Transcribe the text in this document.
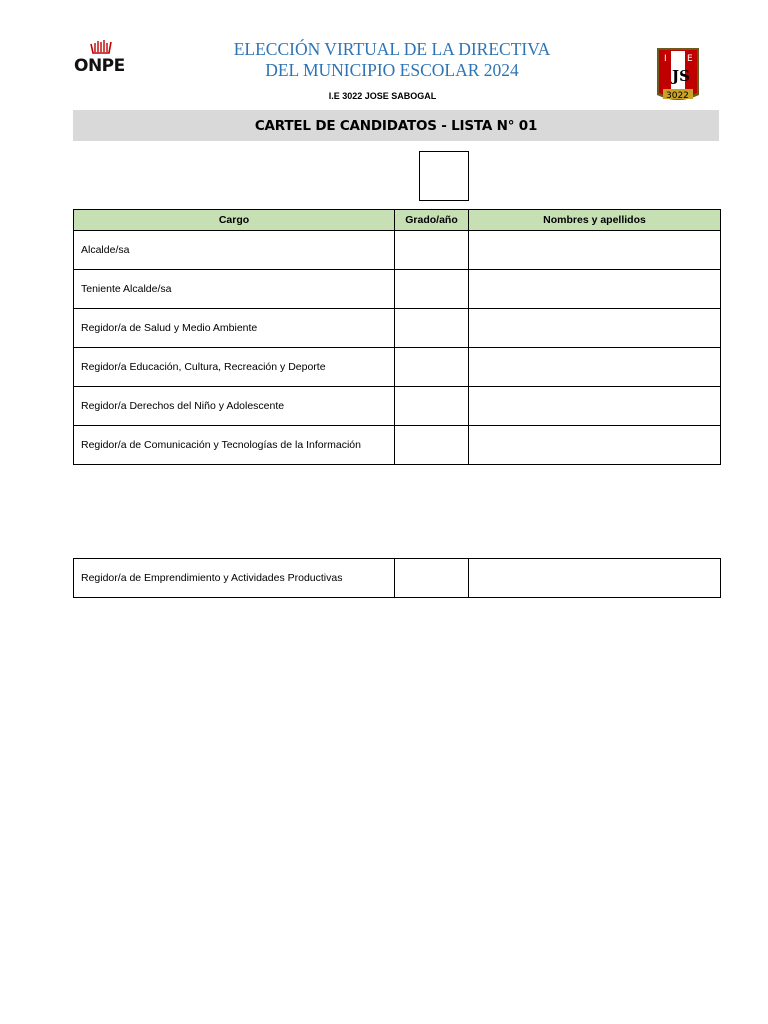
ONPE
ELECCIÓN VIRTUAL DE LA DIRECTIVA
DEL MUNICIPIO ESCOLAR 2024
I.E 3022 JOSE SABOGAL
I E
JS
3022
CARTEL DE CANDIDATOS - LISTA N° 01
Cargo	Grado/año	Nombres y apellidos
Alcalde/sa		
Teniente Alcalde/sa		
Regidor/a de Salud y Medio Ambiente		
Regidor/a Educación, Cultura, Recreación y Deporte		
Regidor/a Derechos del Niño y Adolescente		
Regidor/a de Comunicación y Tecnologías de la Información		
Regidor/a de Emprendimiento y Actividades Productivas		
